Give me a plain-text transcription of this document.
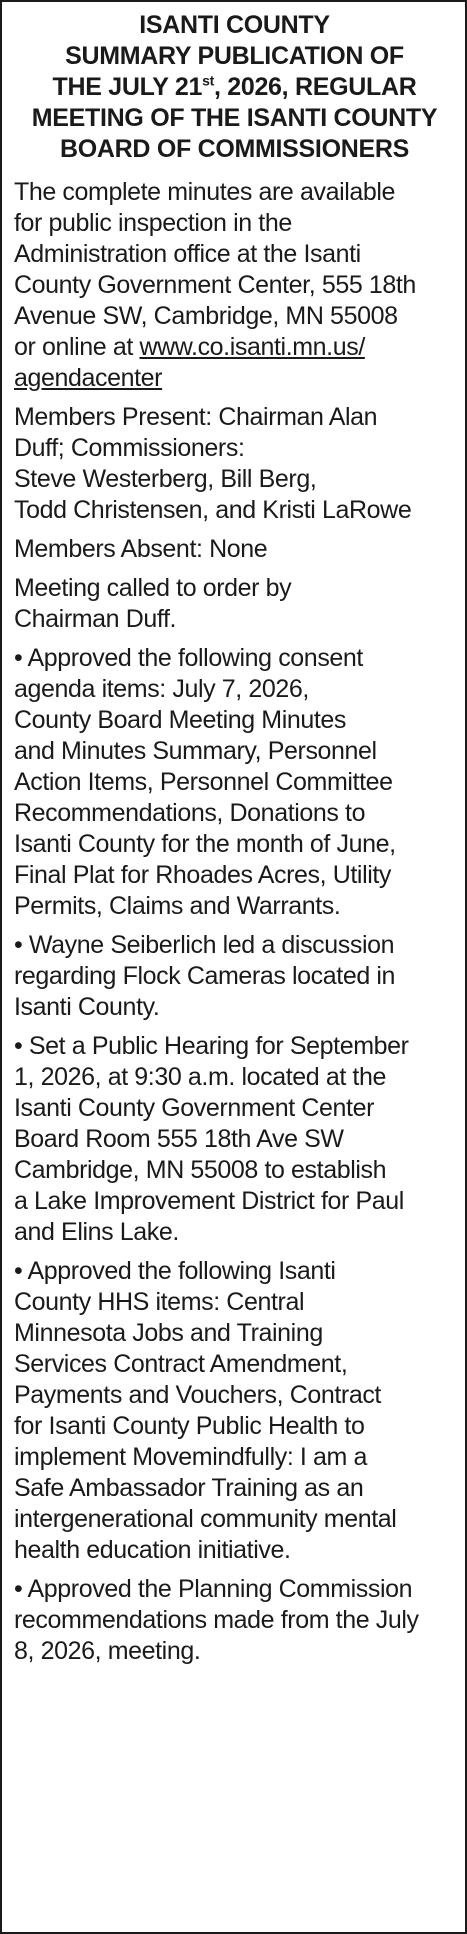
ISANTI COUNTY
SUMMARY PUBLICATION OF
THE JULY 21st, 2026, REGULAR
MEETING OF THE ISANTI COUNTY
BOARD OF COMMISSIONERS
The complete minutes are available
for public inspection in the
Administration office at the Isanti
County Government Center, 555 18th
Avenue SW, Cambridge, MN 55008
or online at www.co.isanti.mn.us/
agendacenter
Members Present: Chairman Alan
Duff; Commissioners:
Steve Westerberg, Bill Berg,
Todd Christensen, and Kristi LaRowe
Members Absent: None
Meeting called to order by
Chairman Duff.
• Approved the following consent
agenda items: July 7, 2026,
County Board Meeting Minutes
and Minutes Summary, Personnel
Action Items, Personnel Committee
Recommendations, Donations to
Isanti County for the month of June,
Final Plat for Rhoades Acres, Utility
Permits, Claims and Warrants.
• Wayne Seiberlich led a discussion
regarding Flock Cameras located in
Isanti County.
• Set a Public Hearing for September
1, 2026, at 9:30 a.m. located at the
Isanti County Government Center
Board Room 555 18th Ave SW
Cambridge, MN 55008 to establish
a Lake Improvement District for Paul
and Elins Lake.
• Approved the following Isanti
County HHS items: Central
Minnesota Jobs and Training
Services Contract Amendment,
Payments and Vouchers, Contract
for Isanti County Public Health to
implement Movemindfully: I am a
Safe Ambassador Training as an
intergenerational community mental
health education initiative.
• Approved the Planning Commission
recommendations made from the July
8, 2026, meeting.
